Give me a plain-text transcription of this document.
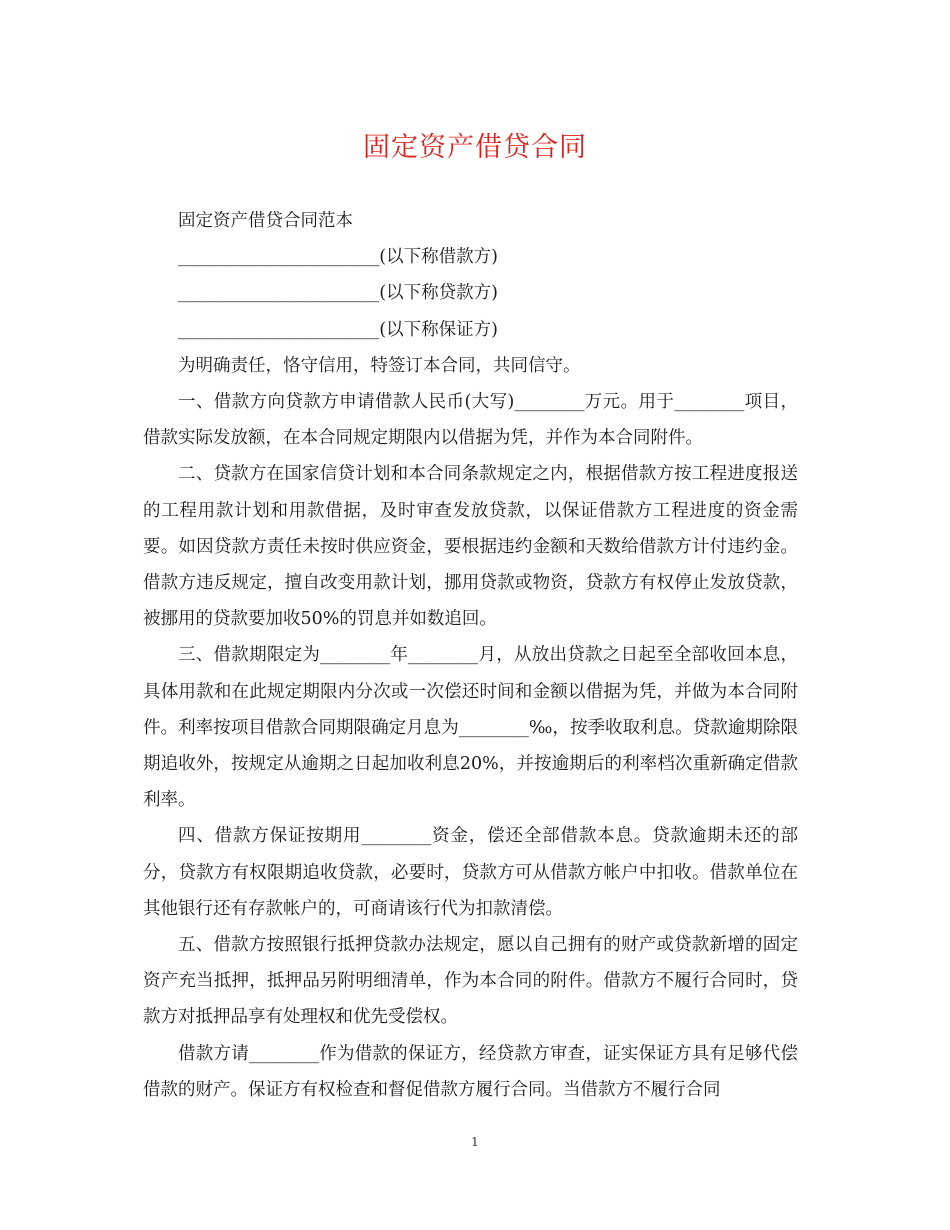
固定资产借贷合同

固定资产借贷合同范本

_______________________(以下称借款方)

_______________________(以下称贷款方)

_______________________(以下称保证方)

为明确责任，恪守信用，特签订本合同，共同信守。

一、借款方向贷款方申请借款人民币(大写)________万元。用于________项目，借款实际发放额，在本合同规定期限内以借据为凭，并作为本合同附件。

二、贷款方在国家信贷计划和本合同条款规定之内，根据借款方按工程进度报送的工程用款计划和用款借据，及时审查发放贷款，以保证借款方工程进度的资金需要。如因贷款方责任未按时供应资金，要根据违约金额和天数给借款方计付违约金。借款方违反规定，擅自改变用款计划，挪用贷款或物资，贷款方有权停止发放贷款，被挪用的贷款要加收50%的罚息并如数追回。

三、借款期限定为________年________月，从放出贷款之日起至全部收回本息，具体用款和在此规定期限内分次或一次偿还时间和金额以借据为凭，并做为本合同附件。利率按项目借款合同期限确定月息为________‰，按季收取利息。贷款逾期除限期追收外，按规定从逾期之日起加收利息20%，并按逾期后的利率档次重新确定借款利率。

四、借款方保证按期用________资金，偿还全部借款本息。贷款逾期未还的部分，贷款方有权限期追收贷款，必要时，贷款方可从借款方帐户中扣收。借款单位在其他银行还有存款帐户的，可商请该行代为扣款清偿。

五、借款方按照银行抵押贷款办法规定，愿以自己拥有的财产或贷款新增的固定资产充当抵押，抵押品另附明细清单，作为本合同的附件。借款方不履行合同时，贷款方对抵押品享有处理权和优先受偿权。

借款方请________作为借款的保证方，经贷款方审查，证实保证方具有足够代偿借款的财产。保证方有权检查和督促借款方履行合同。当借款方不履行合同

1
